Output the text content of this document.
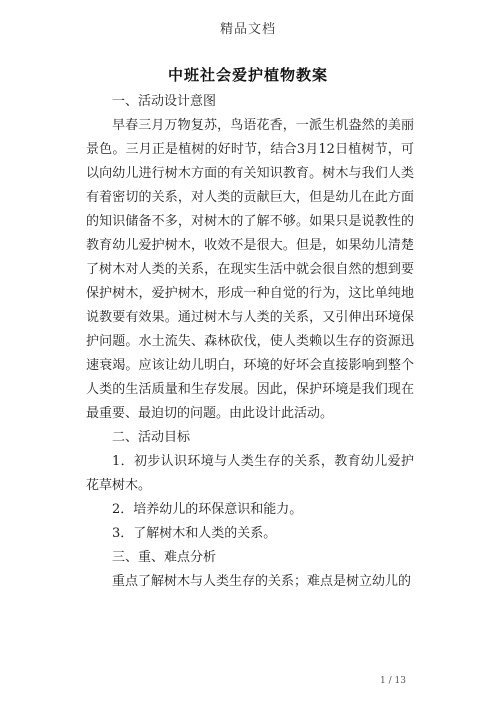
精品文档
中班社会爱护植物教案

一、活动设计意图

早春三月万物复苏，鸟语花香，一派生机盎然的美丽景色。三月正是植树的好时节，结合3月12日植树节，可以向幼儿进行树木方面的有关知识教育。树木与我们人类有着密切的关系，对人类的贡献巨大，但是幼儿在此方面的知识储备不多，对树木的了解不够。如果只是说教性的教育幼儿爱护树木，收效不是很大。但是，如果幼儿清楚了树木对人类的关系，在现实生活中就会很自然的想到要保护树木，爱护树木，形成一种自觉的行为，这比单纯地说教要有效果。通过树木与人类的关系，又引伸出环境保护问题。水土流失、森林砍伐，使人类赖以生存的资源迅速衰竭。应该让幼儿明白，环境的好坏会直接影响到整个人类的生活质量和生存发展。因此，保护环境是我们现在最重要、最迫切的问题。由此设计此活动。

二、活动目标

1．初步认识环境与人类生存的关系，教育幼儿爱护花草树木。

2．培养幼儿的环保意识和能力。

3．了解树木和人类的关系。

三、重、难点分析

重点了解树木与人类生存的关系；难点是树立幼儿的

1 / 13
